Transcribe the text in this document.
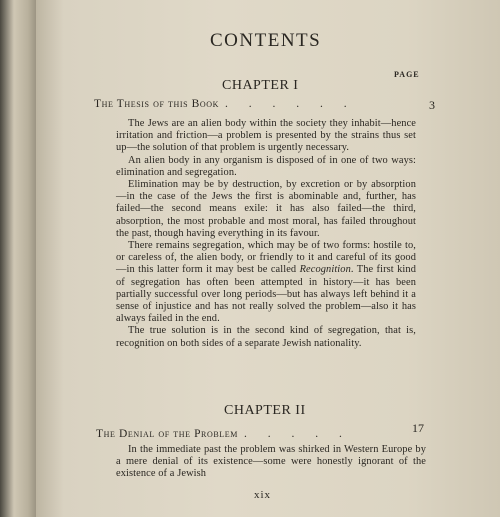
CONTENTS
PAGE
CHAPTER I
The Thesis of this Book . . . . . .	3

The Jews are an alien body within the society they inhabit—hence irritation and friction—a problem is presented by the strains thus set up—the solution of that problem is urgently necessary.

An alien body in any organism is disposed of in one of two ways: elimination and segregation.

Elimination may be by destruction, by excretion or by absorption—in the case of the Jews the first is abominable and, further, has failed—the second means exile: it has also failed—the third, absorption, the most probable and most moral, has failed throughout the past, though having everything in its favour.

There remains segregation, which may be of two forms: hostile to, or careless of, the alien body, or friendly to it and careful of its good—in this latter form it may best be called Recognition. The first kind of segregation has often been attempted in history—it has been partially successful over long periods—but has always left behind it a sense of injustice and has not really solved the problem—also it has always failed in the end.

The true solution is in the second kind of segregation, that is, recognition on both sides of a separate Jewish nationality.

CHAPTER II
The Denial of the Problem . . . . .	17

In the immediate past the problem was shirked in Western Europe by a mere denial of its existence—some were honestly ignorant of the existence of a Jewish

xix
